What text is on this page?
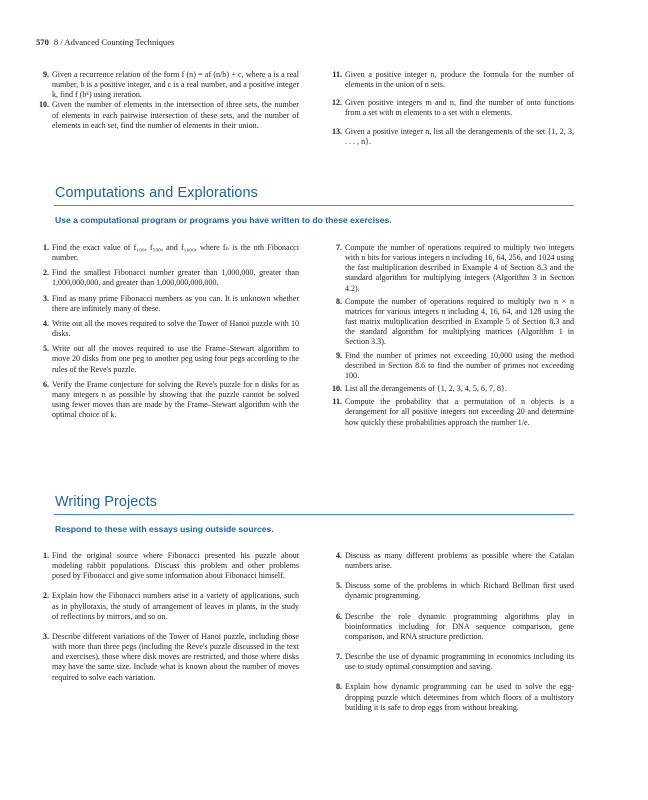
570 8 / Advanced Counting Techniques
9. Given a recurrence relation of the form f (n) = af (n/b) + c, where a is a real number, b is a positive integer, and c is a real number, and a positive integer k, find f (bᵏ) using iteration.
10. Given the number of elements in the intersection of three sets, the number of elements in each pairwise intersection of these sets, and the number of elements in each set, find the number of elements in their union.
11. Given a positive integer n, produce the formula for the number of elements in the union of n sets.
12. Given positive integers m and n, find the number of onto functions from a set with m elements to a set with n elements.
13. Given a positive integer n, list all the derangements of the set {1, 2, 3, . . . , n}.
Computations and Explorations
Use a computational program or programs you have written to do these exercises.
1. Find the exact value of f₁₀₀, f₅₀₀, and f₁₀₀₀, where fₙ is the nth Fibonacci number.
2. Find the smallest Fibonacci number greater than 1,000,000, greater than 1,000,000,000, and greater than 1,000,000,000,000.
3. Find as many prime Fibonacci numbers as you can. It is unknown whether there are infinitely many of these.
4. Write out all the moves required to solve the Tower of Hanoi puzzle with 10 disks.
5. Write out all the moves required to use the Frame–Stewart algorithm to move 20 disks from one peg to another peg using four pegs according to the rules of the Reve's puzzle.
6. Verify the Frame conjecture for solving the Reve's puzzle for n disks for as many integers n as possible by showing that the puzzle cannot be solved using fewer moves than are made by the Frame–Stewart algorithm with the optimal choice of k.
7. Compute the number of operations required to multiply two integers with n bits for various integers n including 16, 64, 256, and 1024 using the fast multiplication described in Example 4 of Section 8.3 and the standard algorithm for multiplying integers (Algorithm 3 in Section 4.2).
8. Compute the number of operations required to multiply two n × n matrices for various integers n including 4, 16, 64, and 128 using the fast matrix multiplication described in Example 5 of Section 8.3 and the standard algorithm for multiplying matrices (Algorithm 1 in Section 3.3).
9. Find the number of primes not exceeding 10,000 using the method described in Section 8.6 to find the number of primes not exceeding 100.
10. List all the derangements of {1, 2, 3, 4, 5, 6, 7, 8}.
11. Compute the probability that a permutation of n objects is a derangement for all positive integers not exceeding 20 and determine how quickly these probabilities approach the number 1/e.
Writing Projects
Respond to these with essays using outside sources.
1. Find the original source where Fibonacci presented his puzzle about modeling rabbit populations. Discuss this problem and other problems posed by Fibonacci and give some information about Fibonacci himself.
2. Explain how the Fibonacci numbers arise in a variety of applications, such as in phyllotaxis, the study of arrangement of leaves in plants, in the study of reflections by mirrors, and so on.
3. Describe different variations of the Tower of Hanoi puzzle, including those with more than three pegs (including the Reve's puzzle discussed in the text and exercises), those where disk moves are restricted, and those where disks may have the same size. Include what is known about the number of moves required to solve each variation.
4. Discuss as many different problems as possible where the Catalan numbers arise.
5. Discuss some of the problems in which Richard Bellman first used dynamic programming.
6. Describe the role dynamic programming algorithms play in bioinformatics including for DNA sequence comparison, gene comparison, and RNA structure prediction.
7. Describe the use of dynamic programming in economics including its use to study optimal consumption and saving.
8. Explain how dynamic programming can be used to solve the egg-dropping puzzle which determines from which floors of a multistory building it is safe to drop eggs from without breaking.
